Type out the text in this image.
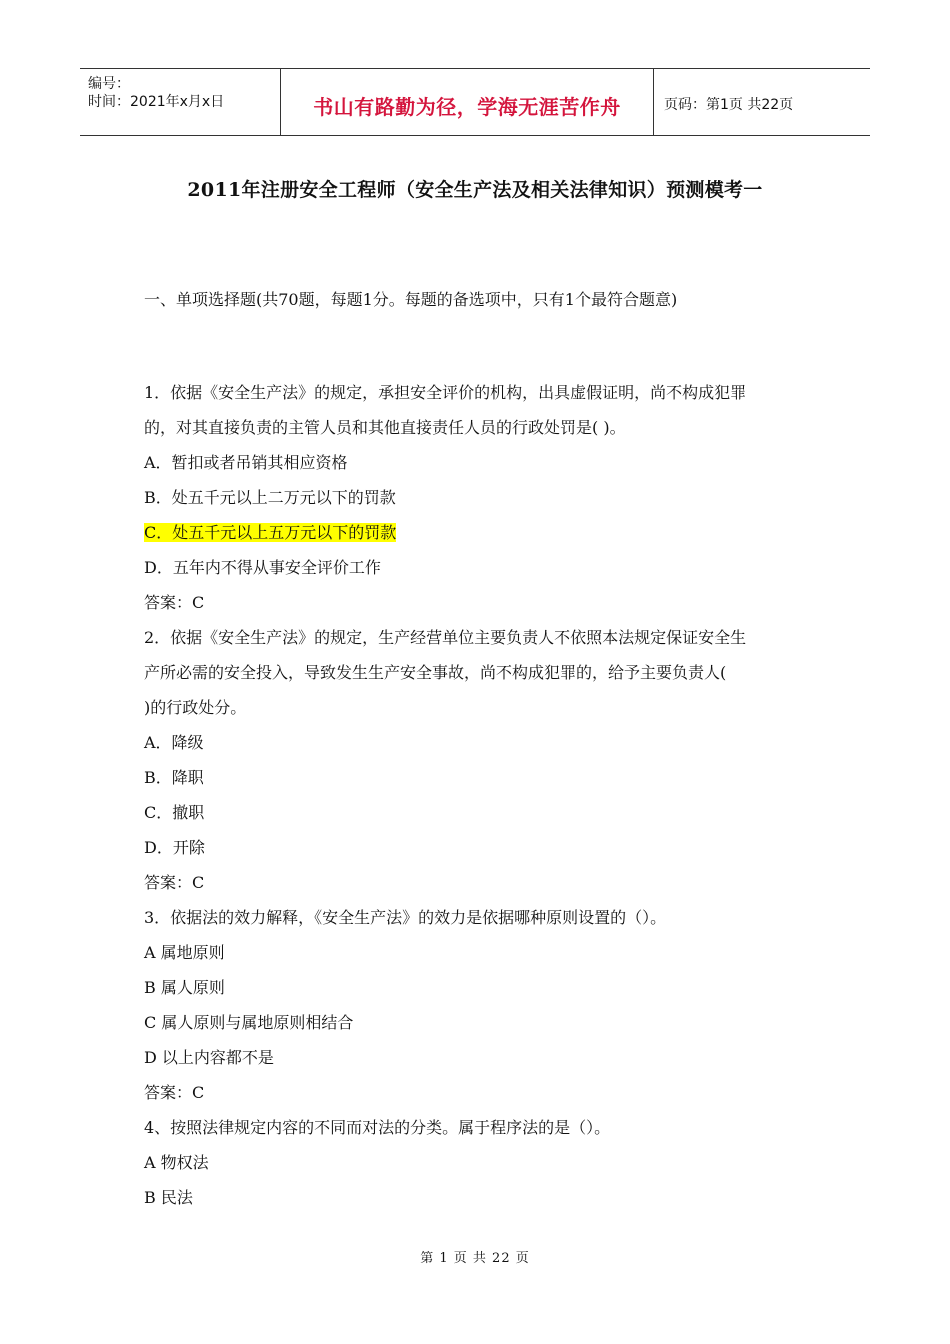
编号：
时间：2021年x月x日	书山有路勤为径，学海无涯苦作舟	页码：第1页 共22页
2011年注册安全工程师（安全生产法及相关法律知识）预测模考一
一、单项选择题(共70题，每题1分。每题的备选项中，只有1个最符合题意)
1．依据《安全生产法》的规定，承担安全评价的机构，出具虚假证明，尚不构成犯罪
的，对其直接负责的主管人员和其他直接责任人员的行政处罚是( )。
A．暂扣或者吊销其相应资格
B．处五千元以上二万元以下的罚款
C．处五千元以上五万元以下的罚款
D．五年内不得从事安全评价工作
答案：C
2．依据《安全生产法》的规定，生产经营单位主要负责人不依照本法规定保证安全生
产所必需的安全投入，导致发生生产安全事故，尚不构成犯罪的，给予主要负责人(
)的行政处分。
A．降级
B．降职
C．撤职
D．开除
答案：C
3．依据法的效力解释，《安全生产法》的效力是依据哪种原则设置的（）。
A 属地原则
B 属人原则
C 属人原则与属地原则相结合
D 以上内容都不是
答案：C
4、按照法律规定内容的不同而对法的分类。属于程序法的是（）。
A 物权法
B 民法
第 1 页 共 22 页
